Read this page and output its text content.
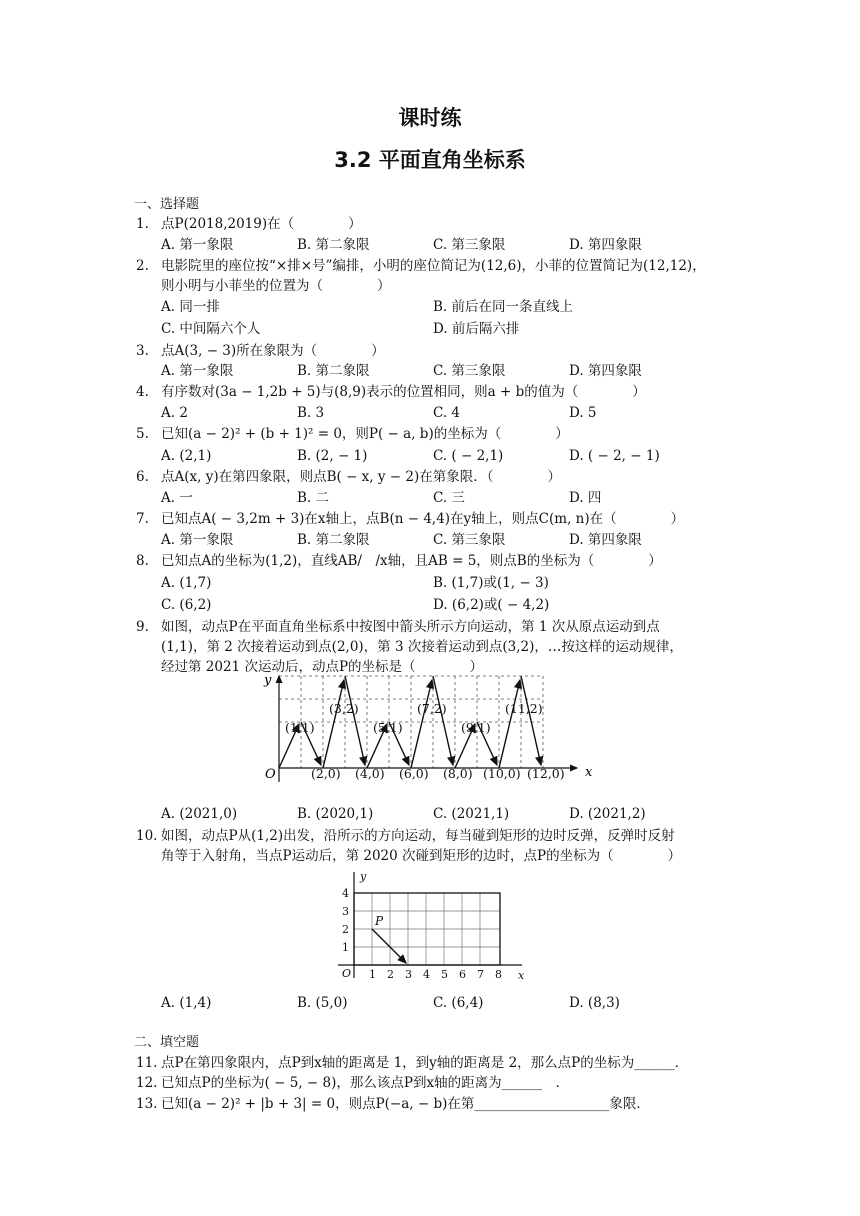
课时练
3.2 平面直角坐标系
一、选择题
1. 点P(2018,2019)在（　　　　）
A. 第一象限	B. 第二象限	C. 第三象限	D. 第四象限
2. 电影院里的座位按“×排×号”编排，小明的座位简记为(12,6)，小菲的位置简记为(12,12)，
则小明与小菲坐的位置为（　　　　）
A. 同一排	B. 前后在同一条直线上
C. 中间隔六个人	D. 前后隔六排
3. 点A(3, − 3)所在象限为（　　　　）
A. 第一象限	B. 第二象限	C. 第三象限	D. 第四象限
4. 有序数对(3a − 1,2b + 5)与(8,9)表示的位置相同，则a + b的值为（　　　　）
A. 2	B. 3	C. 4	D. 5
5. 已知(a − 2)² + (b + 1)² = 0，则P( − a, b)的坐标为（　　　　）
A. (2,1)	B. (2, − 1)	C. ( − 2,1)	D. ( − 2, − 1)
6. 点A(x, y)在第四象限，则点B( − x, y − 2)在第象限．（　　　　）
A. 一	B. 二	C. 三	D. 四
7. 已知点A( − 3,2m + 3)在x轴上，点B(n − 4,4)在y轴上，则点C(m, n)在（　　　　）
A. 第一象限	B. 第二象限	C. 第三象限	D. 第四象限
8. 已知点A的坐标为(1,2)，直线AB/　/x轴，且AB = 5，则点B的坐标为（　　　　）
A. (1,7)	B. (1,7)或(1, − 3)
C. (6,2)	D. (6,2)或( − 4,2)
9. 如图，动点P在平面直角坐标系中按图中箭头所示方向运动，第 1 次从原点运动到点
(1,1)，第 2 次接着运动到点(2,0)，第 3 次接着运动到点(3,2)，…按这样的运动规律，
经过第 2021 次运动后，动点P的坐标是（　　　　）
y
x
O
(1,1)
(3,2)
(5,1)
(7,2)
(9,1)
(11,2)
(2,0) (4,0) (6,0) (8,0) (10,0) (12,0)
A. (2021,0)	B. (2020,1)	C. (2021,1)	D. (2021,2)
10. 如图，动点P从(1,2)出发，沿所示的方向运动，每当碰到矩形的边时反弹，反弹时反射
角等于入射角，当点P运动后，第 2020 次碰到矩形的边时，点P的坐标为（　　　　）
y
x
O
P
1 2 3 4 5 6 7 8
1
2
3
4
A. (1,4)	B. (5,0)	C. (6,4)	D. (8,3)
二、填空题
11. 点P在第四象限内，点P到x轴的距离是 1，到y轴的距离是 2，那么点P的坐标为______．
12. 已知点P的坐标为( − 5, − 8)，那么该点P到x轴的距离为______　．
13. 已知(a − 2)² + |b + 3| = 0，则点P(−a, − b)在第____________________象限．
